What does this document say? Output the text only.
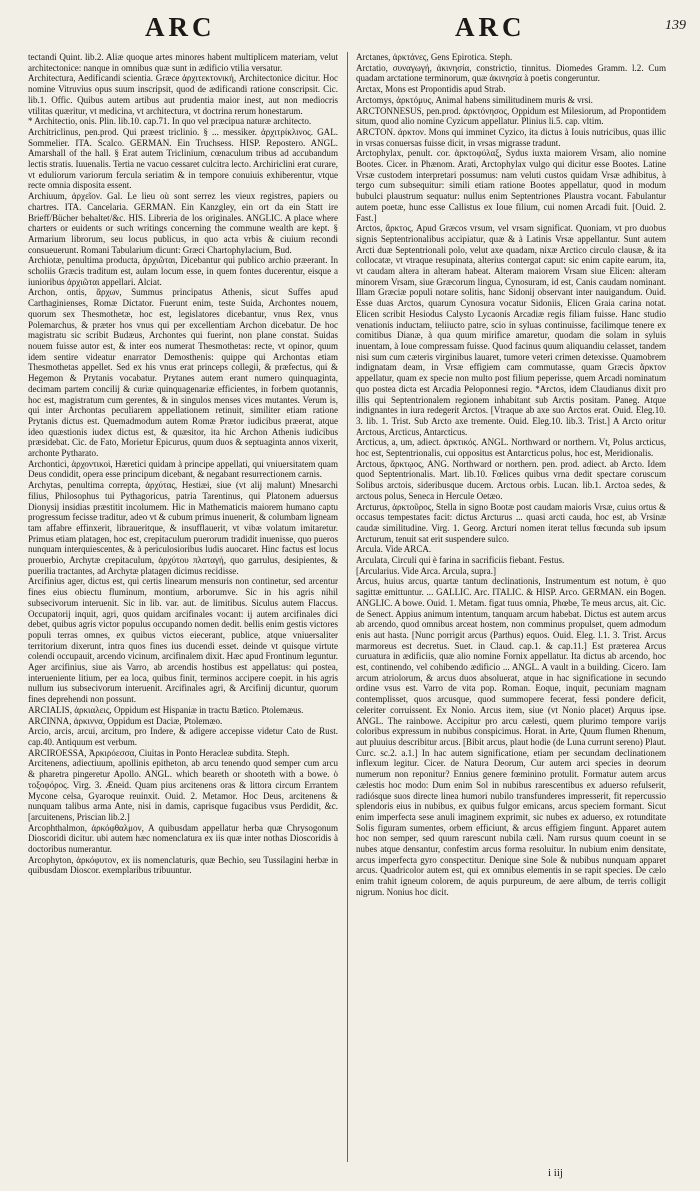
ARC	ARC	139

tectandi Quint. lib.2. Aliæ quoque artes minores habent multiplicem materiam, velut architectonice: nanque in omnibus quæ sunt in ædificio vtilia versatur.

Architectura, Aedificandi scientia. Græce ἀρχιτεκτονική, Architectonice dicitur. Hoc nomine Vitruvius opus suum inscripsit, quod de ædificandi ratione conscripsit. Cic. lib.1. Offic. Quibus autem artibus aut prudentia maior inest, aut non mediocris vtilitas quæritur, vt medicina, vt architectura, vt doctrina rerum honestarum.

* Architectio, onis. Plin. lib.10. cap.71. In quo vel præcipua naturæ architecto.

Architriclinus, pen.prod. Qui præest triclinio. § ... messiker. ἀρχιτρίκλινος. GAL. Sommelier. ITA. Scalco. GERMAN. Ein Truchsess. HISP. Repostero. ANGL. Amarshall of the hall. § Erat autem Triclinium, cœnaculum tribus ad accubandum lectis stratis. Iuuenalis. Tertia ne vacuo cessaret culcitra lecto. Archiriclini erat curare, vt eduliorum variorum fercula seriatim & in tempore conuiuis exhiberentur, vtque recte omnia disposita essent.

Archiuum, ἀρχεῖον. Gal. Le lieu où sont serrez les vieux registres, papiers ou chartres. ITA. Cancelaria. GERMAN. Ein Kanzgley, ein ort da ein Statt ire Brieff/Bücher behaltet/&c. HIS. Libreria de los originales. ANGLIC. A place where charters or euidents or such writings concerning the commune wealth are kept. § Armarium librorum, seu locus publicus, in quo acta vrbis & ciuium recondi consueuerunt. Romani Tabularium dicunt: Græci Chartophylacium, Bud.

Archiotæ, penultima producta, ἀρχιῶται, Dicebantur qui publico archio præerant. In scholiis Græcis traditum est, aulam locum esse, in quem fontes ducerentur, eisque a iunioribus ἀρχιῶται appellari. Alciat.

Archon, ontis, ἄρχων, Summus principatus Athenis, sicut Suffes apud Carthaginienses, Romæ Dictator. Fuerunt enim, teste Suida, Archontes nouem, quorum sex Thesmothetæ, hoc est, legislatores dicebantur, vnus Rex, vnus Polemarchus, & præter hos vnus qui per excellentiam Archon dicebatur. De hoc magistratu sic scribit Budæus, Archontes qui fuerint, non plane constat. Suidas nouem fuisse autor est, & inter eos numerat Thesmothetas: recte, vt opinor, quum idem sentire videatur enarrator Demosthenis: quippe qui Archontas etiam Thesmothetas appellet. Sed ex his vnus erat princeps collegii, & præfectus, qui & Hegemon & Prytanis vocabatur. Prytanes autem erant numero quinquaginta, decimam partem concilij & curiæ quinquagenariæ efficientes, in forbem quotannis, hoc est, magistratum cum gerentes, & in singulos menses vices mutantes. Verum is, qui inter Archontas peculiarem appellationem retinuit, similiter etiam ratione Prytanis dictus est. Quemadmodum autem Romæ Prætor iudicibus præerat, atque ideo quæstionis iudex dictus est, & quæsitor, ita hic Archon Athenis iudicibus præsidebat. Cic. de Fato, Morietur Epicurus, quum duos & septuaginta annos vixerit, archonte Pytharato.

Archontici, ἀρχοντικοὶ, Hæretici quidam à principe appellati, qui vniuersitatem quam Deus condidit, opera esse principum dicebant, & negabant resurrectionem carnis.

Archytas, penultima correpta, ἀρχύτας, Hestiæi, siue (vt alij malunt) Mnesarchi filius, Philosophus tui Pythagoricus, patria Tarentinus, qui Platonem aduersus Dionysij insidias præstitit incolumem. Hic in Mathematicis maiorem humano captu progressum fecisse traditur, adeo vt & cubum primus inuenerit, & columbam ligneam tam affabre effinxerit, libraueritque, & insufflauerit, vt vibæ volatum imitaretur. Primus etiam platagen, hoc est, crepitaculum puerorum tradidit inuenisse, quo pueros nunquam interquiescentes, & à periculosioribus ludis auocaret. Hinc factus est locus prouerbio, Archytæ crepitaculum, ἀρχύτου πλαταγή, quo garrulus, desipientes, & puerilia tractantes, ad Archytæ platagen dicimus recidisse.

Arcifinius ager, dictus est, qui certis linearum mensuris non continetur, sed arcentur fines eius obiectu fluminum, montium, arborumve. Sic in his agris nihil subsecivorum interuenit. Sic in lib. var. aut. de limitibus. Siculus autem Flaccus. Occupatorij inquit, agri, quos quidam arcifinales vocant: ij autem arcifinales dici debet, quibus agris victor populus occupando nomen dedit. bellis enim gestis victores populi terras omnes, ex quibus victos eiecerant, publice, atque vniuersaliter territorium dixerunt, intra quos fines ius ducendi esset. deinde vt quisque virtute colendi occupauit, arcendo vicinum, arcifinalem dixit. Hæc apud Frontinum leguntur. Ager arcifinius, siue ais Varro, ab arcendis hostibus est appellatus: qui postea, interueniente litium, per ea loca, quibus finit, terminos accipere coepit. in his agris nullum ius subsecivorum interuenit. Arcifinales agri, & Arcifinij dicuntur, quorum fines deprehendi non possunt.

ARCIALIS, ἀρκιαλεις, Oppidum est Hispaniæ in tractu Bætico. Ptolemæus.

ARCINNA, ἀρκιννα, Oppidum est Daciæ, Ptolemæo.

Arcio, arcis, arcui, arcitum, pro Indere, & adigere accepisse videtur Cato de Rust. cap.40. Antiquum est verbum.

ARCIROESSA, Ἀρκιρόεσσα, Ciuitas in Ponto Heracleæ subdita. Steph.

Arcitenens, adiectiuum, apollinis epitheton, ab arcu tenendo quod semper cum arcu & pharetra pingeretur Apollo. ANGL. which beareth or shooteth with a bowe. ὁ τοξοφόρος. Virg. 3. Æneid. Quam pius arcitenens oras & littora circum Errantem Mycone celsa, Gyaroque reuinxit. Ouid. 2. Metamor. Hoc Deus, arcitenens & nunquam talibus arma Ante, nisi in damis, caprisque fugacibus vsus Perdidit, &c. [arcuitenens, Priscian lib.2.]

Arcophthalmon, ἀρκόφθαλμον, A quibusdam appellatur herba quæ Chrysogonum Dioscoridi dicitur. ubi autem hæc nomenclatura ex iis quæ inter nothas Dioscoridis à doctoribus numerantur.

Arcophyton, ἀρκόφυτον, ex iis nomenclaturis, quæ Bechio, seu Tussilagini herbæ in quibusdam Dioscor. exemplaribus tribuuntur.

Arctanes, ἀρκτάνες, Gens Epirotica. Steph.

Arctatio, συναγωγή, ἀκινησία, constrictio, tinnitus. Diomedes Gramm. l.2. Cum quadam arctatione terminorum, quæ ἀκινησία à poetis congeruntur.

Arctax, Mons est Propontidis apud Strab.

Arctomys, ἀρκτόμυς, Animal habens similitudinem muris & vrsi.

ARCTONNESUS, pen.prod. ἀρκτόνησος, Oppidum est Milesiorum, ad Propontidem situm, quod alio nomine Cyzicum appellatur. Plinius li.5. cap. vltim.

ARCTON. ἀρκτον. Mons qui imminet Cyzico, ita dictus à Iouis nutricibus, quas illic in vrsas conuersas fuisse dicit, in vrsas migrasse tradunt.

Arctophylax, penult. cor. ἀρκτοφύλαξ, Sydus iuxta maiorem Vrsam, alio nomine Bootes. Cicer. in Phænom. Arati, Arctophylax vulgo qui dicitur esse Bootes. Latine Vrsæ custodem interpretari possumus: nam veluti custos quidam Vrsæ adhibitus, à tergo cum subsequitur: simili etiam ratione Bootes appellatur, quod in modum bubulci plaustrum sequatur: nullus enim Septentriones Plaustra vocant. Fabulantur autem poetæ, hunc esse Callistus ex Ioue filium, cui nomen Arcadi fuit. [Ouid. 2. Fast.]

Arctos, ἄρκτος, Apud Græcos vrsum, vel vrsam significat. Quoniam, vt pro duobus signis Septentrionalibus accipiatur, quæ & à Latinis Vrsæ appellantur. Sunt autem Arcti duæ Septentrionali polo, velut axe quadam, nixæ Arctico circulo clausæ, & ita collocatæ, vt vtraque resupinata, alterius contergat caput: sic enim capite earum, ita, vt caudam altera in alteram habeat. Alteram maiorem Vrsam siue Elicen: alteram minorem Vrsam, siue Græcorum lingua, Cynosuram, id est, Canis caudam nominant. Illam Græciæ populi notare solitis, hanc Sidonij observant inter nauigandum. Ouid. Esse duas Arctos, quarum Cynosura vocatur Sidoniis, Elicen Graia carina notat. Elicen scribit Hesiodus Calysto Lycaonis Arcadiæ regis filiam fuisse. Hanc studio venationis inductam, teliiucto patre, scio in syluas continuisse, facilimque tenere ex comitibus Dianæ, à qua quum mirifice amaretur, quodam die solam in syluis inuentam, à Ioue compressam fuisse. Quod facinus quum aliquandiu celasset, tandem nisi sum cum cæteris virginibus lauaret, tumore veteri crimen detexisse. Quamobrem indignatam deam, in Vrsæ effigiem cam commutasse, quam Græcis ἄρκτον appellatur, quam ex specie non multo post filium peperisse, quem Arcadi nominatum quo postea dicta est Arcadia Peloponnesi regio. *Arctos, idem Claudianus dixit pro illis qui Septentrionalem regionem inhabitant sub Arctis positam. Paneg. Atque indignantes in iura redegerit Arctos. [Vtraque ab axe suo Arctos erat. Ouid. Eleg.10. 3. lib. 1. Trist. Sub Arcto axe tremente. Ouid. Eleg.10. lib.3. Trist.] A Arcto oritur Arctous, Arcticus, Antarcticus.

Arcticus, a, um, adiect. ἀρκτικός. ANGL. Northward or northern. Vt, Polus arcticus, hoc est, Septentrionalis, cui oppositus est Antarcticus polus, hoc est, Meridionalis.

Arctous, ἄρκτῳος, ANG. Northward or northern. pen. prod. adiect. ab Arcto. Idem quod Septentrionalis. Mart. lib.10. Fœlices quibus vrna dedit spectare coruscum Solibus arctois, sideribusque ducem. Arctous orbis. Lucan. lib.1. Arctoa sedes, & arctous polus, Seneca in Hercule Oetæo.

Arcturus, ἀρκτοῦρος, Stella in signo Bootæ post caudam maioris Vrsæ, cuius ortus & occasus tempestates facit: dictus Arcturus ... quasi arcti cauda, hoc est, ab Vrsinæ caudæ similitudine. Virg. 1. Georg. Arcturi nomen iterat tellus fœcunda sub ipsum Arcturum, tenuit sat erit suspendere sulco.

Arcula. Vide ARCA.

Arculata, Circuli qui è farina in sacrificiis fiebant. Festus.

[Arcularius. Vide Arca. Arcula, supra.]

Arcus, huius arcus, quartæ tantum declinationis, Instrumentum est notum, è quo sagittæ emittuntur. ... GALLIC. Arc. ITALIC. & HISP. Arco. GERMAN. ein Bogen. ANGLIC. A bowe. Ouid. 1. Metam. figat tuus omnia, Phœbe, Te meus arcus, ait. Cic. de Senect. Appius animum intentum, tanquam arcum habebat. Dictus est autem arcus ab arcendo, quod omnibus arceat hostem, non comminus propulset, quem admodum enis aut hasta. [Nunc porrigit arcus (Parthus) equos. Ouid. Eleg. l.1. 3. Trist. Arcus marmoreus est decretus. Suet. in Claud. cap.1. & cap.11.] Est præterea Arcus curuatura in ædificiis, quæ alio nomine Fornix appellatur. Ita dictus ab arcendo, hoc est, continendo, vel cohibendo ædificio ... ANGL. A vault in a building. Cicero. Iam arcum atriolorum, & arcus duos absoluerat, atque in hac significatione in secundo ordine vsus est. Varro de vita pop. Roman. Eoque, inquit, pecuniam magnam contemplisset, quos arcusque, quod summopere fecerat, fessi pondere deficit, celeriter corruissent. Ex Nonio. Arcus item, siue (vt Nonio placet) Arquus ipse. ANGL. The rainbowe. Accipitur pro arcu cælesti, quem plurimo tempore varijs coloribus expressum in nubibus conspicimus. Horat. in Arte, Quum flumen Rhenum, aut pluuius describitur arcus. [Bibit arcus, plaut hodie (de Luna currunt sereno) Plaut. Curc. sc.2. a.1.] In hac autem significatione, etiam per secundam declinationem inflexum legitur. Cicer. de Natura Deorum, Cur autem arci species in deorum numerum non reponitur? Ennius genere fœminino protulit. Formatur autem arcus cælestis hoc modo: Dum enim Sol in nubibus rarescentibus ex aduerso refulserit, radiósque suos directe linea humori nubilo transfunderes impresserit, fit repercussio splendoris eius in nubibus, ex quibus fulgor emicans, arcus speciem formant. Sicut enim imperfecta sese anuli imaginem exprimit, sic nubes ex aduerso, ex rotunditate Solis figuram sumentes, orbem efficiunt, & arcus effigiem fingunt. Apparet autem hoc non semper, sed quum rarescunt nubila cæli. Nam rursus quum coeunt in se nubes atque densantur, confestim arcus forma resoluitur. In nubium enim densitate, arcus imperfecta gyro conspectitur. Denique sine Sole & nubibus nunquam apparet arcus. Quadricolor autem est, qui ex omnibus elementis in se rapit species. De cælo enim trahit igneum colorem, de aquis purpureum, de aere album, de terris colligit nigrum. Nonius hoc dicit.

i iij
